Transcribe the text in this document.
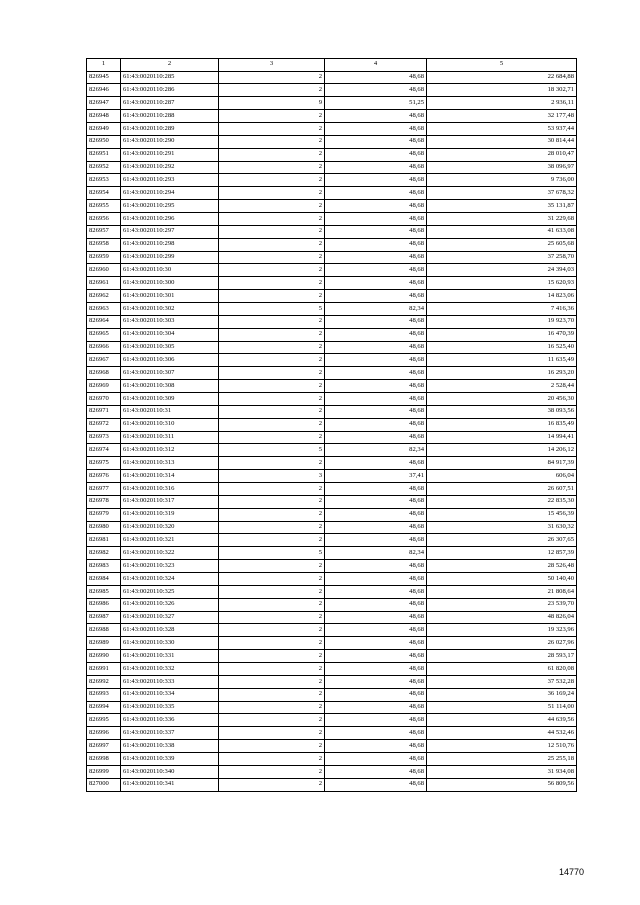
1	2	3	4	5
826945	61:43:0020110:285	2	48,68	22 684,88
826946	61:43:0020110:286	2	48,68	18 302,71
826947	61:43:0020110:287	9	51,25	2 936,11
826948	61:43:0020110:288	2	48,68	32 177,48
826949	61:43:0020110:289	2	48,68	53 937,44
826950	61:43:0020110:290	2	48,68	30 814,44
826951	61:43:0020110:291	2	48,68	28 010,47
826952	61:43:0020110:292	2	48,68	38 096,97
826953	61:43:0020110:293	2	48,68	9 736,00
826954	61:43:0020110:294	2	48,68	37 678,32
826955	61:43:0020110:295	2	48,68	35 131,87
826956	61:43:0020110:296	2	48,68	31 229,68
826957	61:43:0020110:297	2	48,68	41 633,08
826958	61:43:0020110:298	2	48,68	25 605,68
826959	61:43:0020110:299	2	48,68	37 258,70
826960	61:43:0020110:30	2	48,68	24 394,03
826961	61:43:0020110:300	2	48,68	15 620,93
826962	61:43:0020110:301	2	48,68	14 823,06
826963	61:43:0020110:302	5	82,34	7 416,36
826964	61:43:0020110:303	2	48,68	19 923,70
826965	61:43:0020110:304	2	48,68	16 470,39
826966	61:43:0020110:305	2	48,68	16 525,40
826967	61:43:0020110:306	2	48,68	11 635,49
826968	61:43:0020110:307	2	48,68	16 293,20
826969	61:43:0020110:308	2	48,68	2 528,44
826970	61:43:0020110:309	2	48,68	20 456,30
826971	61:43:0020110:31	2	48,68	38 093,56
826972	61:43:0020110:310	2	48,68	16 835,49
826973	61:43:0020110:311	2	48,68	14 994,41
826974	61:43:0020110:312	5	82,34	14 206,12
826975	61:43:0020110:313	2	48,68	84 917,39
826976	61:43:0020110:314	3	37,41	606,04
826977	61:43:0020110:316	2	48,68	26 607,51
826978	61:43:0020110:317	2	48,68	22 835,30
826979	61:43:0020110:319	2	48,68	15 456,39
826980	61:43:0020110:320	2	48,68	31 630,32
826981	61:43:0020110:321	2	48,68	26 307,65
826982	61:43:0020110:322	5	82,34	12 857,39
826983	61:43:0020110:323	2	48,68	28 526,48
826984	61:43:0020110:324	2	48,68	50 140,40
826985	61:43:0020110:325	2	48,68	21 808,64
826986	61:43:0020110:326	2	48,68	23 539,70
826987	61:43:0020110:327	2	48,68	48 826,04
826988	61:43:0020110:328	2	48,68	19 323,96
826989	61:43:0020110:330	2	48,68	26 027,96
826990	61:43:0020110:331	2	48,68	28 593,17
826991	61:43:0020110:332	2	48,68	61 820,08
826992	61:43:0020110:333	2	48,68	37 532,28
826993	61:43:0020110:334	2	48,68	36 169,24
826994	61:43:0020110:335	2	48,68	51 114,00
826995	61:43:0020110:336	2	48,68	44 639,56
826996	61:43:0020110:337	2	48,68	44 532,46
826997	61:43:0020110:338	2	48,68	12 510,76
826998	61:43:0020110:339	2	48,68	25 255,18
826999	61:43:0020110:340	2	48,68	31 934,08
827000	61:43:0020110:341	2	48,68	56 809,56
14770
